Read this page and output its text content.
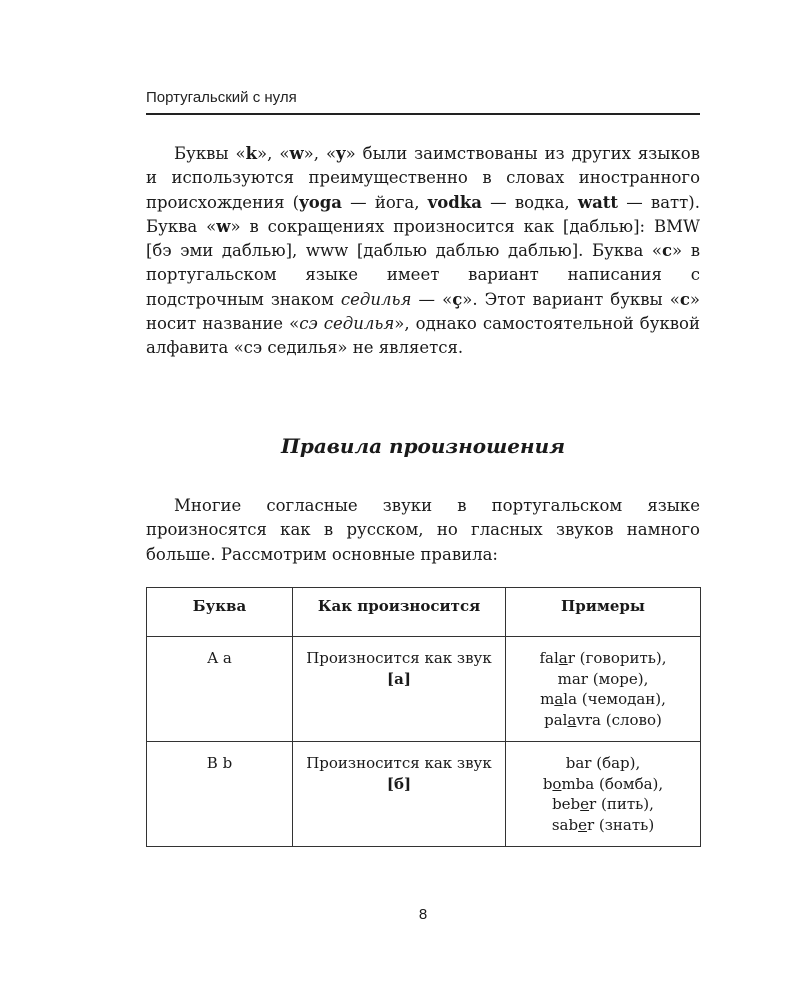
Португальский с нуля

Буквы «k», «w», «y» были заимствованы из других языков и используются преимущественно в словах иностранного происхождения (yoga — йога, vodka — водка, watt — ватт). Буква «w» в сокращениях произносится как [даблью]: BMW [бэ эми даблью], www [даблью даблью даблью]. Буква «c» в португальском языке имеет вариант написания с подстрочным знаком седилья — «ç». Этот вариант буквы «c» носит название «сэ седилья», однако самостоятельной буквой алфавита «сэ седилья» не является.

Правила произношения

Многие согласные звуки в португальском языке произносятся как в русском, но гласных звуков намного больше. Рассмотрим основные правила:

Буква	Как произносится	Примеры
A a	Произносится как звук [а]	falar (говорить),
mar (море),
mala (чемодан),
palavra (слово)

B b	Произносится как звук [б]	bar (бар),
bomba (бомба),
beber (пить),
saber (знать)
8
